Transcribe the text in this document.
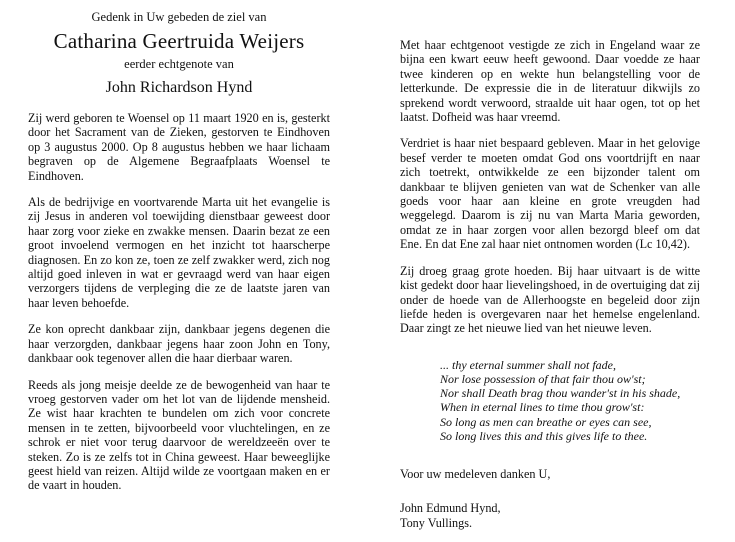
Gedenk in Uw gebeden de ziel van
Catharina Geertruida Weijers
eerder echtgenote van
John Richardson Hynd

Zij werd geboren te Woensel op 11 maart 1920 en is, gesterkt door het Sacrament van de Zieken, gestorven te Eindhoven op 3 augustus 2000. Op 8 augustus hebben we haar lichaam begraven op de Algemene Begraafplaats Woensel te Eindhoven.

Als de bedrijvige en voortvarende Marta uit het evangelie is zij Jesus in anderen vol toewijding dienstbaar geweest door haar zorg voor zieke en zwakke mensen. Daarin bezat ze een groot invoelend vermogen en het inzicht tot haarscherpe diagnosen. En zo kon ze, toen ze zelf zwakker werd, zich nog altijd goed inleven in wat er gevraagd werd van haar eigen verzorgers tijdens de verpleging die ze de laatste jaren van haar leven behoefde.

Ze kon oprecht dankbaar zijn, dankbaar jegens degenen die haar verzorgden, dankbaar jegens haar zoon John en Tony, dankbaar ook tegenover allen die haar dierbaar waren.

Reeds als jong meisje deelde ze de bewogenheid van haar te vroeg gestorven vader om het lot van de lijdende mensheid. Ze wist haar krachten te bundelen om zich voor concrete mensen in te zetten, bijvoorbeeld voor vluchtelingen, en ze schrok er niet voor terug daarvoor de wereldzeeën over te steken. Zo is ze zelfs tot in China geweest. Haar beweeglijke geest hield van reizen. Altijd wilde ze voortgaan maken en er de vaart in houden.

Met haar echtgenoot vestigde ze zich in Engeland waar ze bijna een kwart eeuw heeft gewoond. Daar voedde ze haar twee kinderen op en wekte hun belangstelling voor de letterkunde. De expressie die in de literatuur dikwijls zo sprekend wordt verwoord, straalde uit haar ogen, tot op het laatst. Dofheid was haar vreemd.

Verdriet is haar niet bespaard gebleven. Maar in het gelovige besef verder te moeten omdat God ons voortdrijft en naar zich toetrekt, ontwikkelde ze een bijzonder talent om dankbaar te blijven genieten van wat de Schenker van alle goeds voor haar aan kleine en grote vreugden had weggelegd. Daarom is zij nu van Marta Maria geworden, omdat ze in haar zorgen voor allen bezorgd bleef om dat Ene. En dat Ene zal haar niet ontnomen worden (Lc 10,42).

Zij droeg graag grote hoeden. Bij haar uitvaart is de witte kist gedekt door haar lievelingshoed, in de overtuiging dat zij onder de hoede van de Allerhoogste en begeleid door zijn liefde heden is overgevaren naar het hemelse engelenland. Daar zingt ze het nieuwe lied van het nieuwe leven.

... thy eternal summer shall not fade,
Nor lose possession of that fair thou ow'st;
Nor shall Death brag thou wander'st in his shade,
When in eternal lines to time thou grow'st:
So long as men can breathe or eyes can see,
So long lives this and this gives life to thee.
Voor uw medeleven danken U,
John Edmund Hynd,
Tony Vullings.
